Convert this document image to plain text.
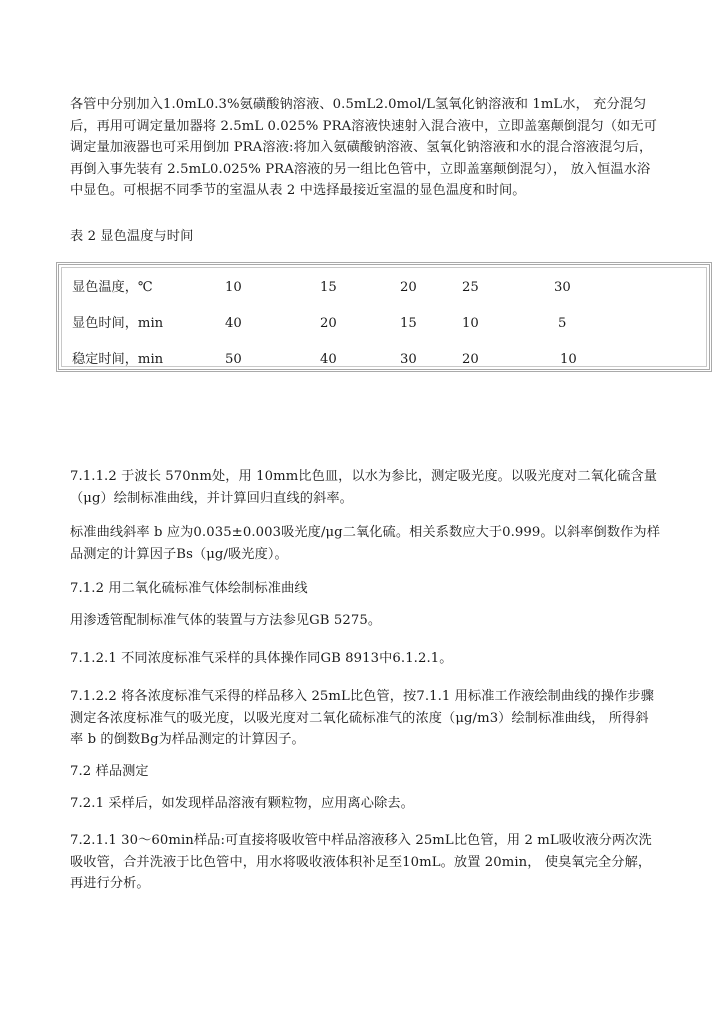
各管中分别加入1.0mL0.3%氨磺酸钠溶液、0.5mL2.0mol/L氢氧化钠溶液和 1mL水， 充分混匀后，再用可调定量加器将 2.5mL 0.025% PRA溶液快速射入混合液中，立即盖塞颠倒混匀（如无可调定量加液器也可采用倒加 PRA溶液:将加入氨磺酸钠溶液、氢氧化钠溶液和水的混合溶液混匀后， 再倒入事先装有 2.5mL0.025% PRA溶液的另一组比色管中，立即盖塞颠倒混匀）， 放入恒温水浴中显色。可根据不同季节的室温从表 2 中选择最接近室温的显色温度和时间。

表 2 显色温度与时间

显色温度，℃	10	15	20	25	30
显色时间，min	40	20	15	10	5
稳定时间，min	50	40	30	20	10

7.1.1.2 于波长 570nm处，用 10mm比色皿，以水为参比，测定吸光度。以吸光度对二氧化硫含量（μg）绘制标准曲线，并计算回归直线的斜率。

标准曲线斜率 b 应为0.035±0.003吸光度/μg二氧化硫。相关系数应大于0.999。以斜率倒数作为样品测定的计算因子Bs（μg/吸光度）。

7.1.2 用二氧化硫标准气体绘制标准曲线

用渗透管配制标准气体的装置与方法参见GB 5275。

7.1.2.1 不同浓度标准气采样的具体操作同GB 8913中6.1.2.1。

7.1.2.2 将各浓度标准气采得的样品移入 25mL比色管，按7.1.1 用标准工作液绘制曲线的操作步骤测定各浓度标准气的吸光度，以吸光度对二氧化硫标准气的浓度（μg/m3）绘制标准曲线， 所得斜率 b 的倒数Bg为样品测定的计算因子。

7.2 样品测定

7.2.1 采样后，如发现样品溶液有颗粒物，应用离心除去。

7.2.1.1 30～60min样品:可直接将吸收管中样品溶液移入 25mL比色管，用 2 mL吸收液分两次洗吸收管，合并洗液于比色管中，用水将吸收液体积补足至10mL。放置 20min， 使臭氧完全分解，再进行分析。
